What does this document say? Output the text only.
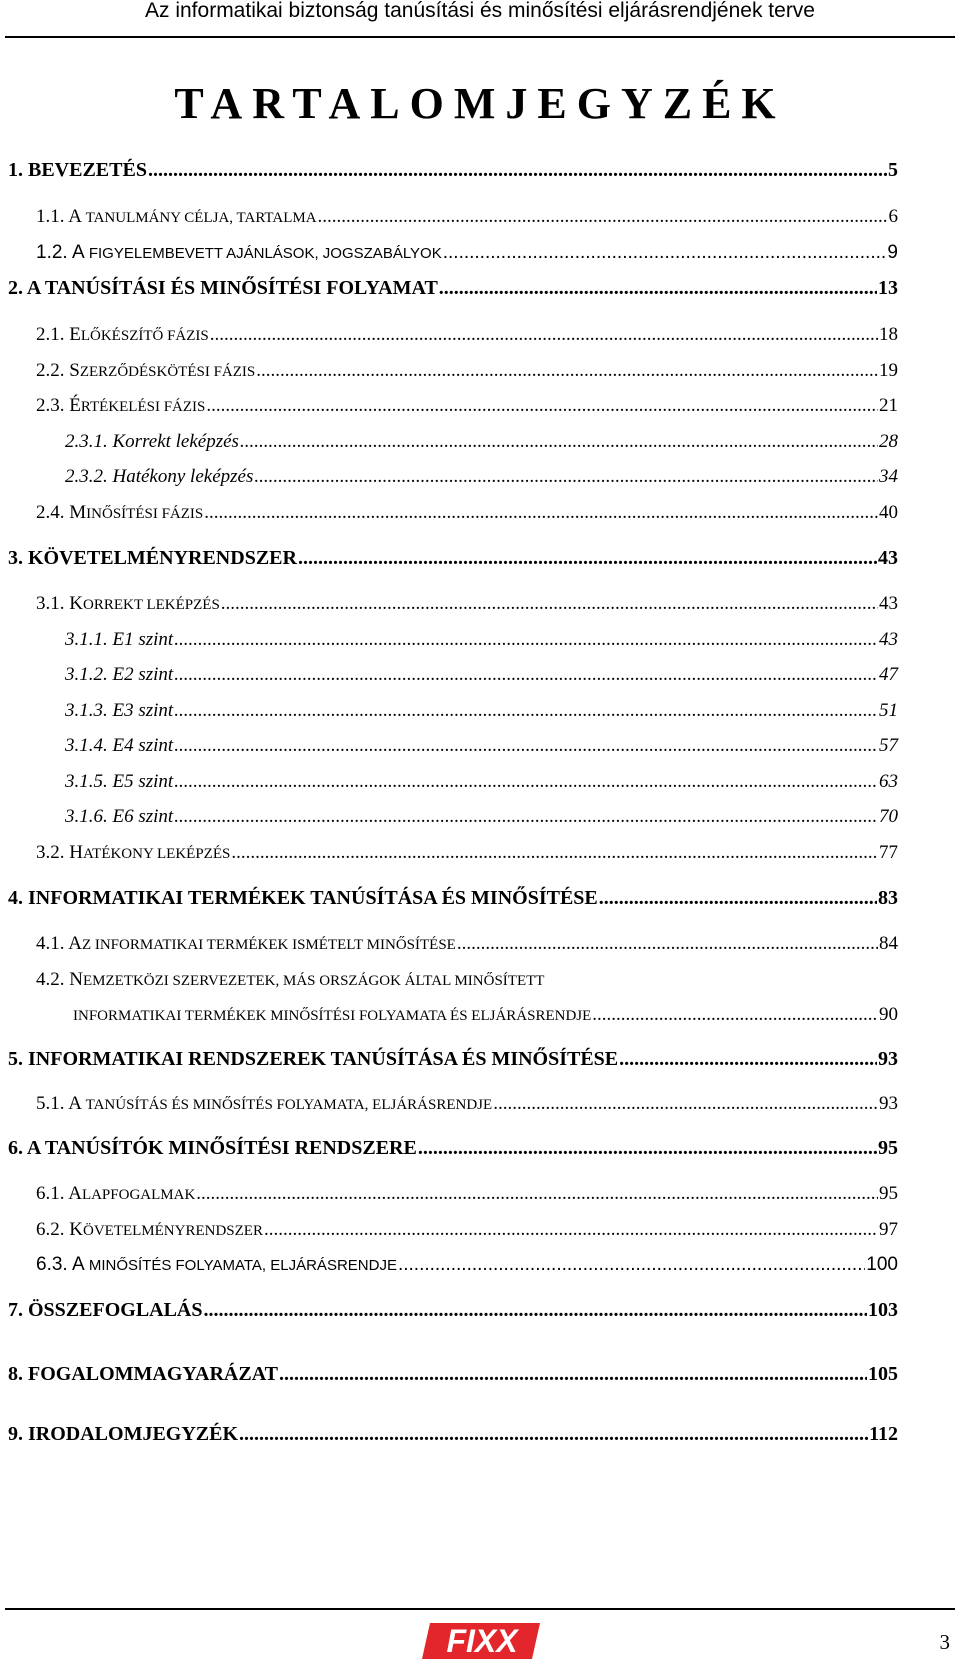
Az informatikai biztonság tanúsítási és minősítési eljárásrendjének terve
TARTALOMJEGYZÉK
1. BEVEZETÉS .....	5
1.1. A TANULMÁNY CÉLJA, TARTALMA .....	6
1.2. A FIGYELEMBEVETT AJÁNLÁSOK, JOGSZABÁLYOK .....	9
2. A TANÚSÍTÁSI ÉS MINŐSÍTÉSI FOLYAMAT .....	13
2.1. ELŐKÉSZÍTŐ FÁZIS .....	18
2.2. SZERZŐDÉSKÖTÉSI FÁZIS .....	19
2.3. ÉRTÉKELÉSI FÁZIS .....	21
2.3.1. Korrekt leképzés .....	28
2.3.2. Hatékony leképzés .....	34
2.4. MINŐSÍTÉSI FÁZIS .....	40
3. KÖVETELMÉNYRENDSZER .....	43
3.1. KORREKT LEKÉPZÉS .....	43
3.1.1. E1 szint .....	43
3.1.2. E2 szint .....	47
3.1.3. E3 szint .....	51
3.1.4. E4 szint .....	57
3.1.5. E5 szint .....	63
3.1.6. E6 szint .....	70
3.2. HATÉKONY LEKÉPZÉS .....	77
4. INFORMATIKAI TERMÉKEK TANÚSÍTÁSA ÉS MINŐSÍTÉSE .....	83
4.1. AZ INFORMATIKAI TERMÉKEK ISMÉTELT MINŐSÍTÉSE .....	84
4.2. NEMZETKÖZI SZERVEZETEK, MÁS ORSZÁGOK ÁLTAL MINŐSÍTETT
INFORMATIKAI TERMÉKEK MINŐSÍTÉSI FOLYAMATA ÉS ELJÁRÁSRENDJE .....	90
5. INFORMATIKAI RENDSZEREK TANÚSÍTÁSA ÉS MINŐSÍTÉSE .....	93
5.1. A TANÚSÍTÁS ÉS MINŐSÍTÉS FOLYAMATA, ELJÁRÁSRENDJE .....	93
6. A TANÚSÍTÓK MINŐSÍTÉSI RENDSZERE .....	95
6.1. ALAPFOGALMAK .....	95
6.2. KÖVETELMÉNYRENDSZER .....	97
6.3. A MINŐSÍTÉS FOLYAMATA, ELJÁRÁSRENDJE .....	100
7. ÖSSZEFOGLALÁS .....	103
8. FOGALOMMAGYARÁZAT .....	105
9. IRODALOMJEGYZÉK .....	112
FIXX	3
